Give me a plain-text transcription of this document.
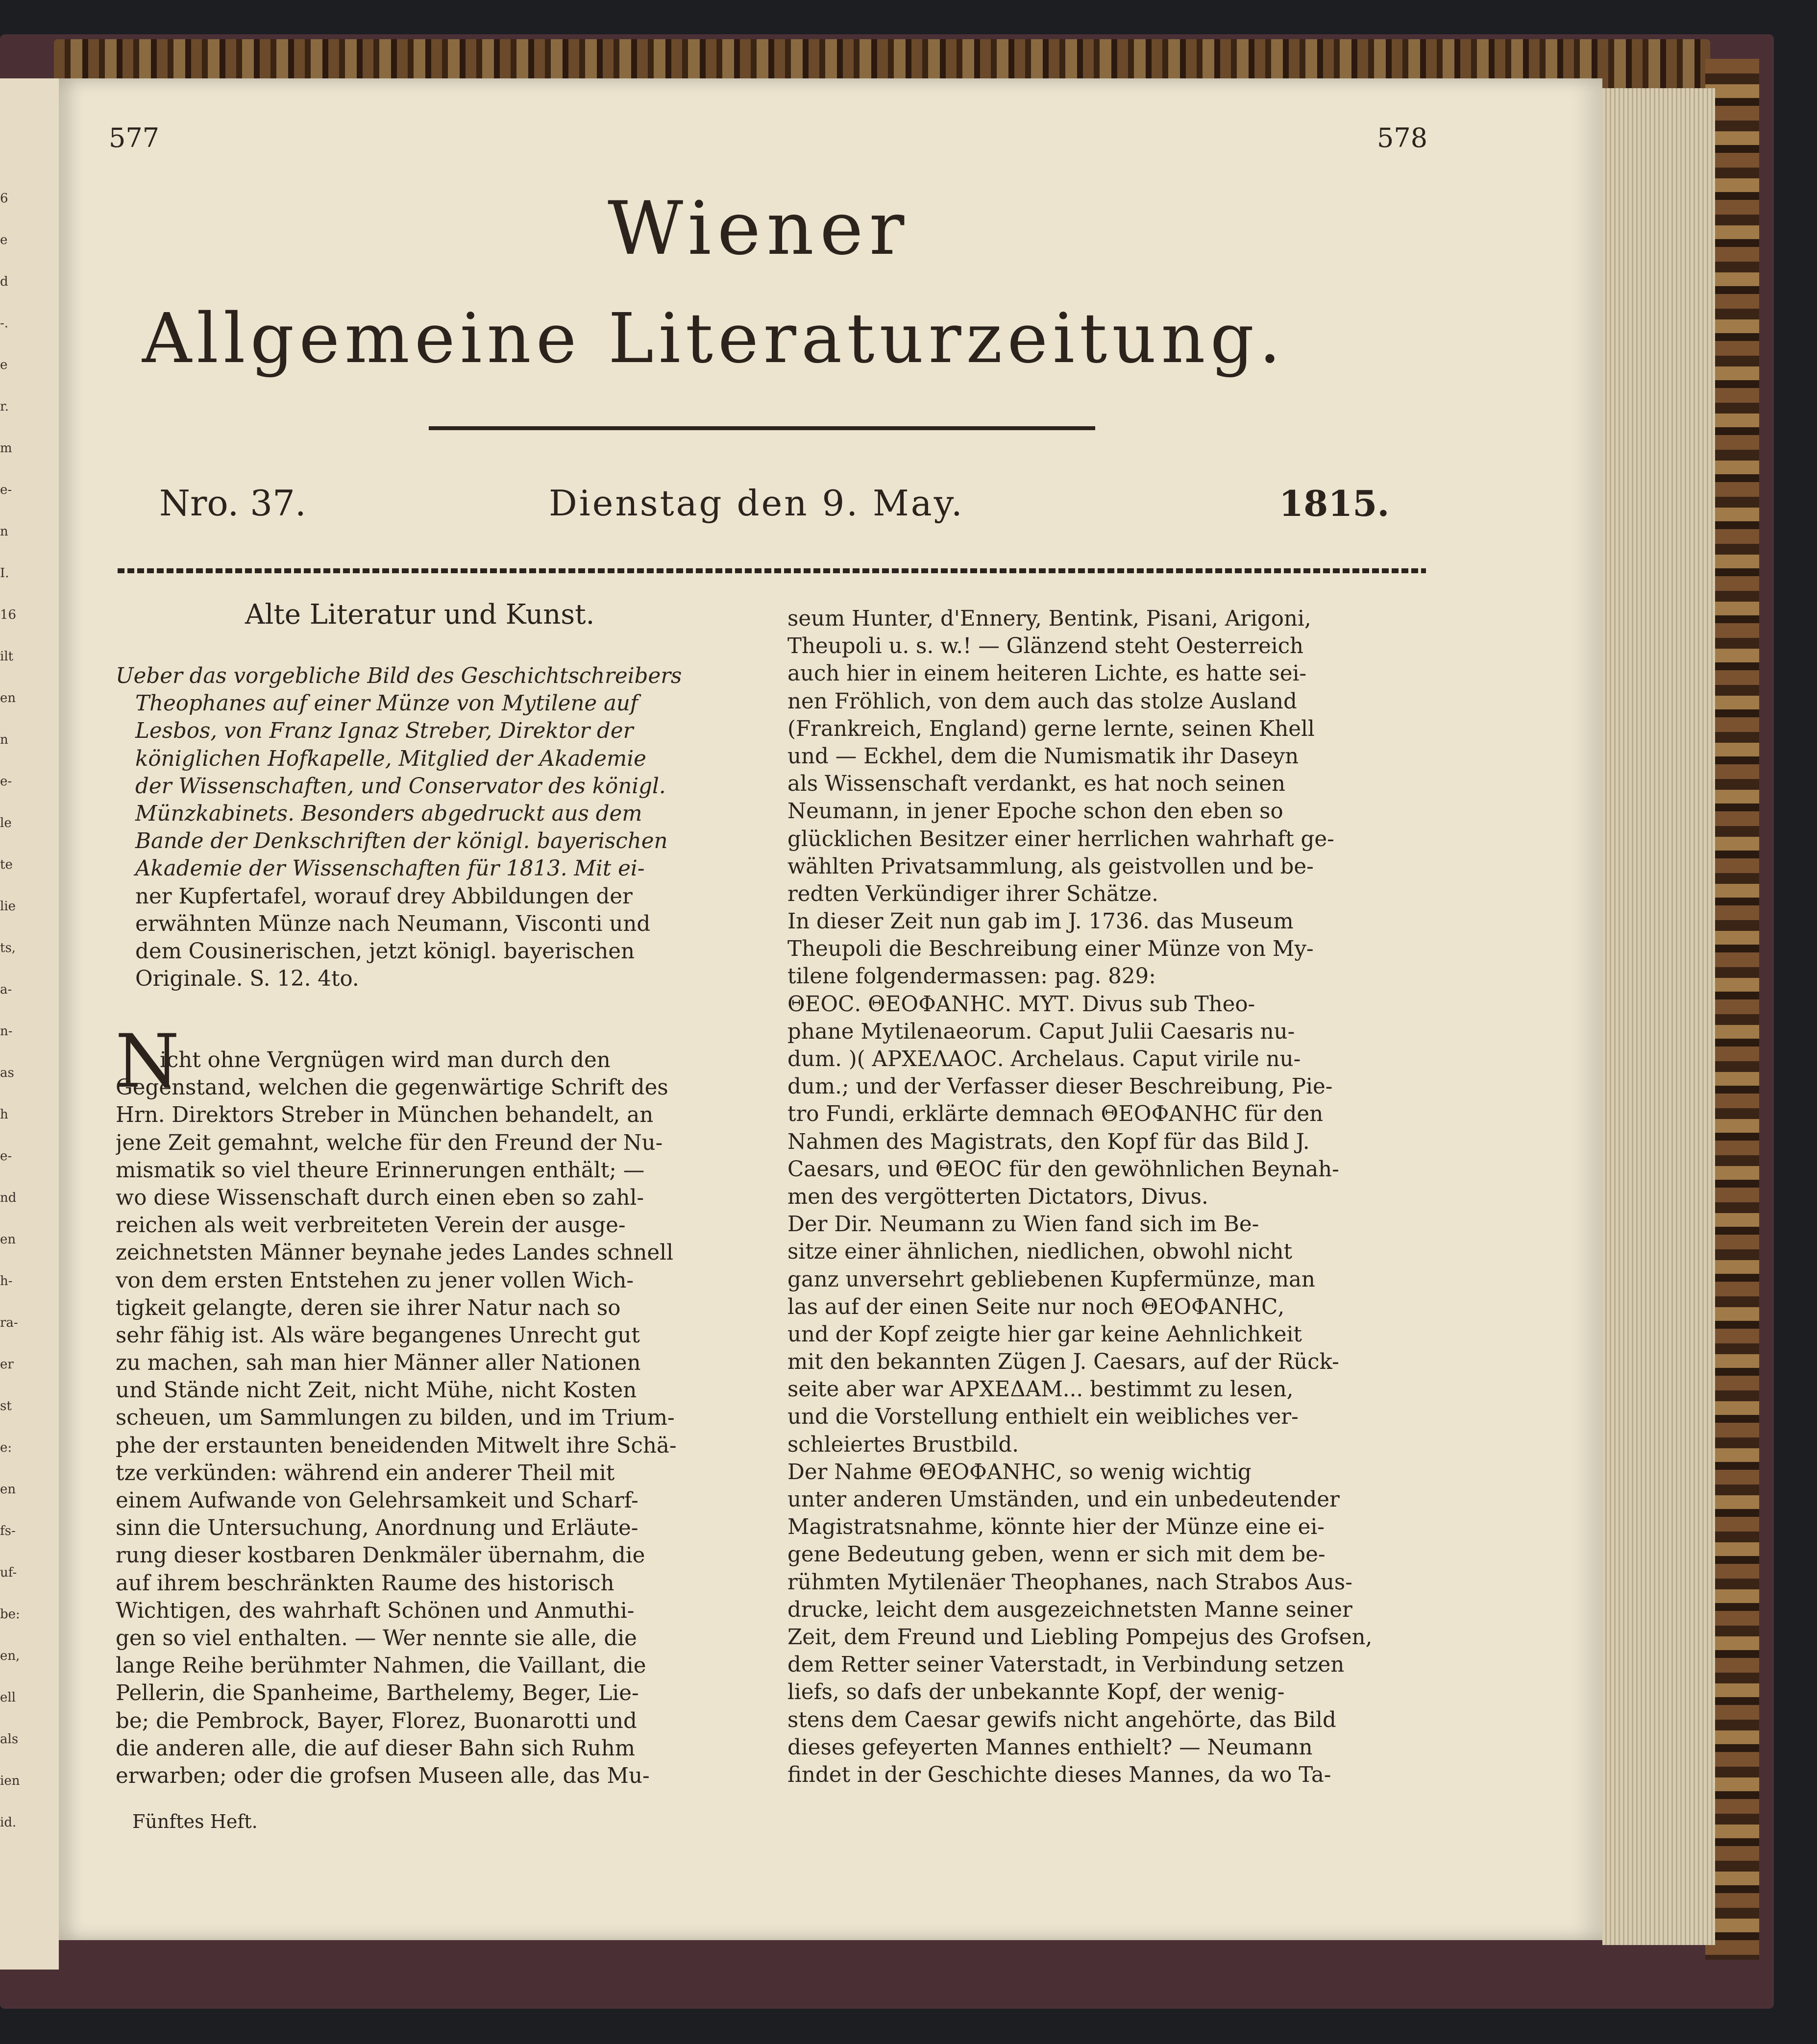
6
e
d
-.
e
r.
m
e-
n
I.
16
ilt
en
n
e-
le
te
lie
ts,
a-
n-
as
h
e-
nd
en
h-
ra-
er
st
e:
en
fs-
uf-
be:
en,
ell
als
ien
id.
577	578
Wiener
Allgemeine Literaturzeitung.
Nro. 37.	Dienstag den 9. May.	1815.
Alte Literatur und Kunst.
Ueber das vorgebliche Bild des Geschichtschreibers
Theophanes auf einer Münze von Mytilene auf
Lesbos, von Franz Ignaz Streber, Direktor der
königlichen Hofkapelle, Mitglied der Akademie
der Wissenschaften, und Conservator des königl.
Münzkabinets. Besonders abgedruckt aus dem
Bande der Denkschriften der königl. bayerischen
Akademie der Wissenschaften für 1813. Mit ei-
ner Kupfertafel, worauf drey Abbildungen der
erwähnten Münze nach Neumann, Visconti und
dem Cousinerischen, jetzt königl. bayerischen
Originale. S. 12. 4to.
N
icht ohne Vergnügen wird man durch den
Gegenstand, welchen die gegenwärtige Schrift des
Hrn. Direktors Streber in München behandelt, an
jene Zeit gemahnt, welche für den Freund der Nu-
mismatik so viel theure Erinnerungen enthält; —
wo diese Wissenschaft durch einen eben so zahl-
reichen als weit verbreiteten Verein der ausge-
zeichnetsten Männer beynahe jedes Landes schnell
von dem ersten Entstehen zu jener vollen Wich-
tigkeit gelangte, deren sie ihrer Natur nach so
sehr fähig ist. Als wäre begangenes Unrecht gut
zu machen, sah man hier Männer aller Nationen
und Stände nicht Zeit, nicht Mühe, nicht Kosten
scheuen, um Sammlungen zu bilden, und im Trium-
phe der erstaunten beneidenden Mitwelt ihre Schä-
tze verkünden: während ein anderer Theil mit
einem Aufwande von Gelehrsamkeit und Scharf-
sinn die Untersuchung, Anordnung und Erläute-
rung dieser kostbaren Denkmäler übernahm, die
auf ihrem beschränkten Raume des historisch
Wichtigen, des wahrhaft Schönen und Anmuthi-
gen so viel enthalten. — Wer nennte sie alle, die
lange Reihe berühmter Nahmen, die Vaillant, die
Pellerin, die Spanheime, Barthelemy, Beger, Lie-
be; die Pembrock, Bayer, Florez, Buonarotti und
die anderen alle, die auf dieser Bahn sich Ruhm
erwarben; oder die grofsen Museen alle, das Mu-
Fünftes Heft.
seum Hunter, d'Ennery, Bentink, Pisani, Arigoni,
Theupoli u. s. w.! — Glänzend steht Oesterreich
auch hier in einem heiteren Lichte, es hatte sei-
nen Fröhlich, von dem auch das stolze Ausland
(Frankreich, England) gerne lernte, seinen Khell
und — Eckhel, dem die Numismatik ihr Daseyn
als Wissenschaft verdankt, es hat noch seinen
Neumann, in jener Epoche schon den eben so
glücklichen Besitzer einer herrlichen wahrhaft ge-
wählten Privatsammlung, als geistvollen und be-
redten Verkündiger ihrer Schätze.
In dieser Zeit nun gab im J. 1736. das Museum
Theupoli die Beschreibung einer Münze von My-
tilene folgendermassen: pag. 829:
ΘΕΟϹ. ΘΕΟΦΑΝΗϹ. ΜΥΤ. Divus sub Theo-
phane Mytilenaeorum. Caput Julii Caesaris nu-
dum. )( ΑΡΧΕΛΑΟϹ. Archelaus. Caput virile nu-
dum.; und der Verfasser dieser Beschreibung, Pie-
tro Fundi, erklärte demnach ΘΕΟΦΑΝΗϹ für den
Nahmen des Magistrats, den Kopf für das Bild J.
Caesars, und ΘΕΟϹ für den gewöhnlichen Beynah-
men des vergötterten Dictators, Divus.
Der Dir. Neumann zu Wien fand sich im Be-
sitze einer ähnlichen, niedlichen, obwohl nicht
ganz unversehrt gebliebenen Kupfermünze, man
las auf der einen Seite nur noch ΘΕΟΦΑΝΗϹ,
und der Kopf zeigte hier gar keine Aehnlichkeit
mit den bekannten Zügen J. Caesars, auf der Rück-
seite aber war ΑΡΧΕΔΑΜ... bestimmt zu lesen,
und die Vorstellung enthielt ein weibliches ver-
schleiertes Brustbild.
Der Nahme ΘΕΟΦΑΝΗϹ, so wenig wichtig
unter anderen Umständen, und ein unbedeutender
Magistratsnahme, könnte hier der Münze eine ei-
gene Bedeutung geben, wenn er sich mit dem be-
rühmten Mytilenäer Theophanes, nach Strabos Aus-
drucke, leicht dem ausgezeichnetsten Manne seiner
Zeit, dem Freund und Liebling Pompejus des Grofsen,
dem Retter seiner Vaterstadt, in Verbindung setzen
liefs, so dafs der unbekannte Kopf, der wenig-
stens dem Caesar gewifs nicht angehörte, das Bild
dieses gefeyerten Mannes enthielt? — Neumann
findet in der Geschichte dieses Mannes, da wo Ta-
